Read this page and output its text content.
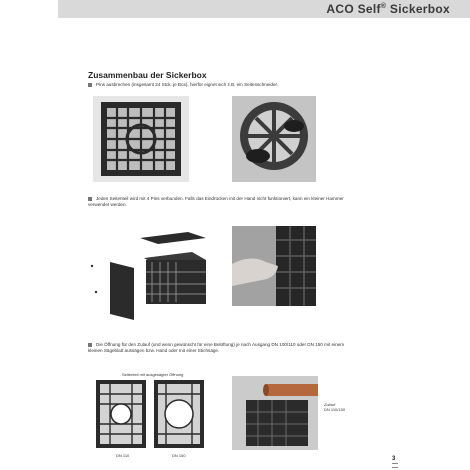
ACO Self® Sickerbox
Zusammenbau der Sickerbox
Pins ausbrechen (insgesamt 24 Stck. je Box), hierfür eignet sich z.B. ein Seitenschneider.
Jedes Seitenteil wird mit 4 Pins verbunden. Falls das Eindrücken mit der Hand nicht funktioniert, kann ein kleiner Hammer verwendet werden.
Die Öffnung für den Zulauf (und wenn gewünscht für eine Belüftung) je nach Ausgang DN 100/110 oder DN 150 mit einem kleinen Sägeblatt aussägen bzw. Hand oder mit einer Stichsäge.
Seitenteil mit ausgesägter Öffnung
DN 110	DN 150
Zulauf
DN 110/150
3
